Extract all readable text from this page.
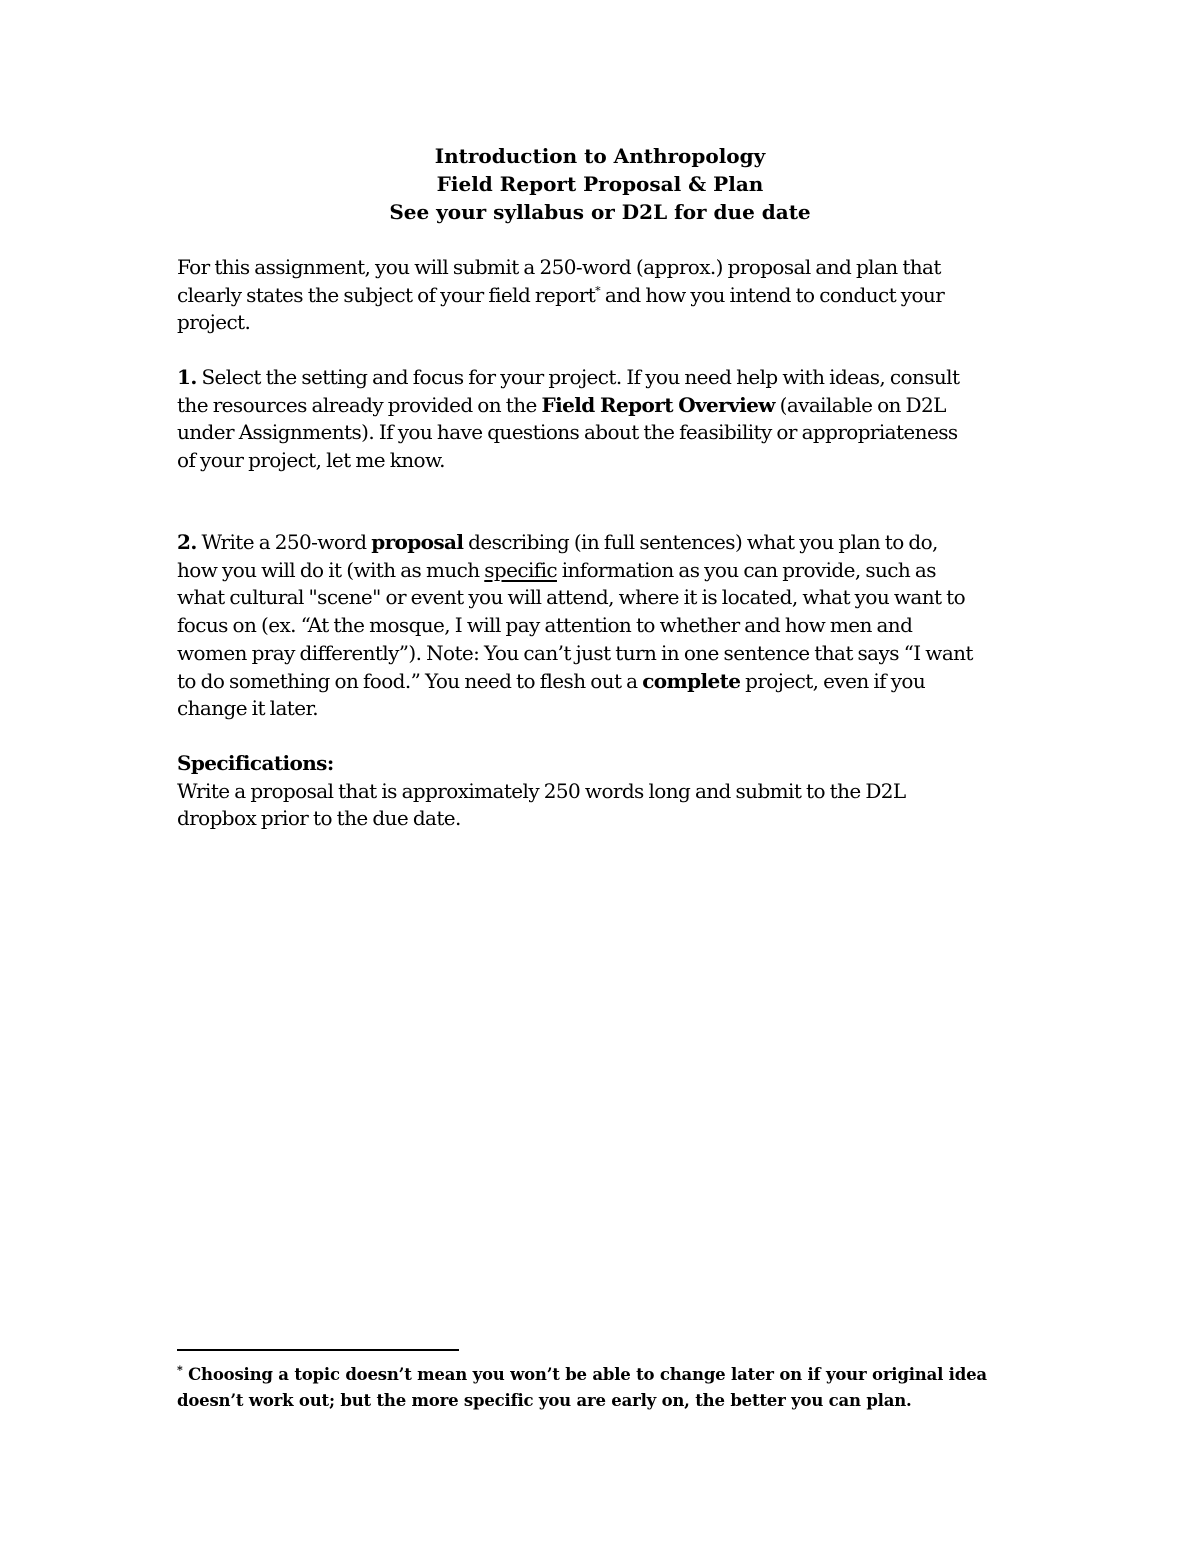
Introduction to Anthropology
Field Report Proposal & Plan
See your syllabus or D2L for due date
For this assignment, you will submit a 250-word (approx.) proposal and plan that
clearly states the subject of your field report* and how you intend to conduct your
project.
1. Select the setting and focus for your project. If you need help with ideas, consult
the resources already provided on the Field Report Overview (available on D2L
under Assignments). If you have questions about the feasibility or appropriateness
of your project, let me know.
2. Write a 250-word proposal describing (in full sentences) what you plan to do,
how you will do it (with as much specific information as you can provide, such as
what cultural "scene" or event you will attend, where it is located, what you want to
focus on (ex. “At the mosque, I will pay attention to whether and how men and
women pray differently”). Note: You can’t just turn in one sentence that says “I want
to do something on food.” You need to flesh out a complete project, even if you
change it later.
Specifications:
Write a proposal that is approximately 250 words long and submit to the D2L
dropbox prior to the due date.
* Choosing a topic doesn’t mean you won’t be able to change later on if your original idea
doesn’t work out; but the more specific you are early on, the better you can plan.
